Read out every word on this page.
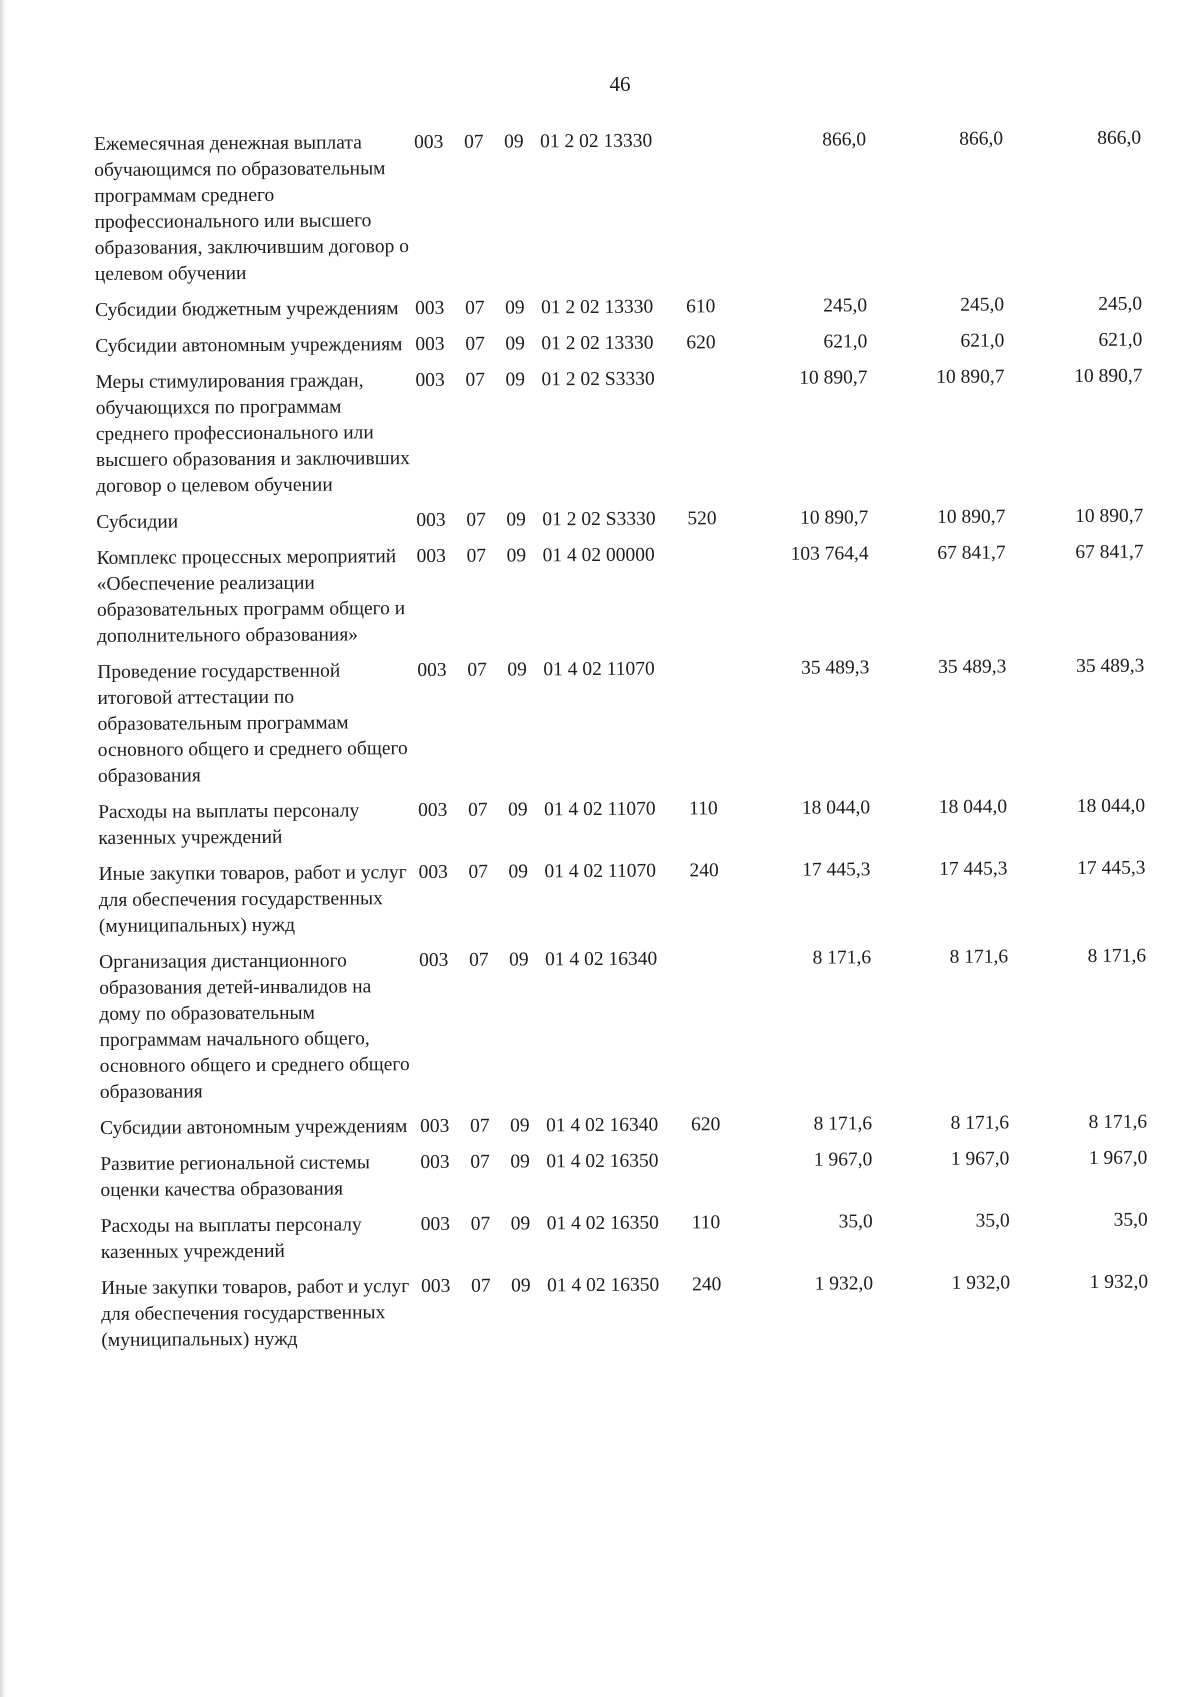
46
Ежемесячная денежная выплата обучающимся по образовательным программам среднего профессионального или высшего образования, заключившим договор о целевом обучении
003	07	09 01 2 02 13330	866,0	866,0	866,0
Субсидии бюджетным учреждениям 003	07	09 01 2 02 13330	610	245,0	245,0	245,0
Субсидии автономным учреждениям 003	07	09 01 2 02 13330	620	621,0	621,0	621,0
Меры стимулирования граждан, обучающихся по программам среднего профессионального или высшего образования и заключивших договор о целевом обучении
003	07	09 01 2 02 S3330	10 890,7	10 890,7	10 890,7
Субсидии	003	07	09 01 2 02 S3330	520	10 890,7	10 890,7	10 890,7
Комплекс процессных мероприятий «Обеспечение реализации образовательных программ общего и дополнительного образования»
003	07	09 01 4 02 00000	103 764,4	67 841,7	67 841,7
Проведение государственной итоговой аттестации по образовательным программам основного общего и среднего общего образования
003	07	09 01 4 02 11070	35 489,3	35 489,3	35 489,3
Расходы на выплаты персоналу казенных учреждений
003	07	09 01 4 02 11070	110	18 044,0	18 044,0	18 044,0
Иные закупки товаров, работ и услуг для обеспечения государственных (муниципальных) нужд
003	07	09 01 4 02 11070	240	17 445,3	17 445,3	17 445,3
Организация дистанционного образования детей-инвалидов на дому по образовательным программам начального общего, основного общего и среднего общего образования
003	07	09 01 4 02 16340	8 171,6	8 171,6	8 171,6
Субсидии автономным учреждениям 003	07	09 01 4 02 16340	620	8 171,6	8 171,6	8 171,6
Развитие региональной системы оценки качества образования
003	07	09 01 4 02 16350	1 967,0	1 967,0	1 967,0
Расходы на выплаты персоналу казенных учреждений
003	07	09 01 4 02 16350	110	35,0	35,0	35,0
Иные закупки товаров, работ и услуг для обеспечения государственных (муниципальных) нужд
003	07	09 01 4 02 16350	240	1 932,0	1 932,0	1 932,0
